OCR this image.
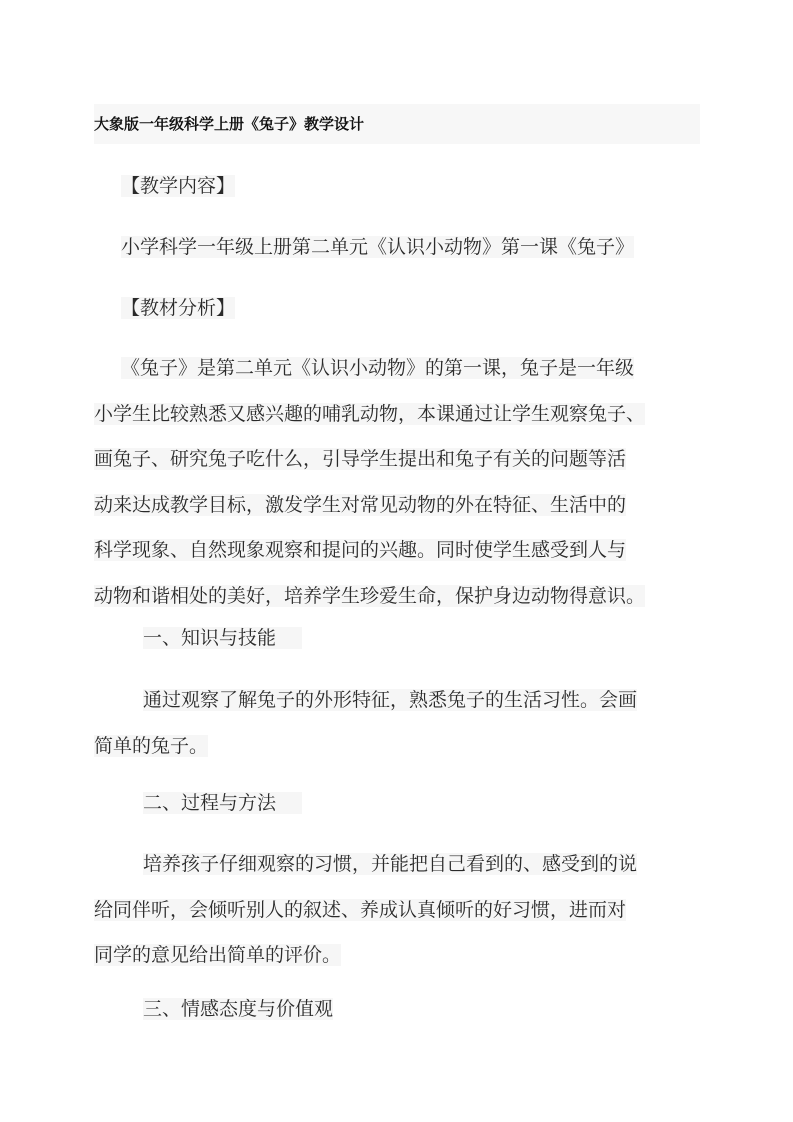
大象版一年级科学上册《兔子》教学设计
【教学内容】
小学科学一年级上册第二单元《认识小动物》第一课《兔子》
【教材分析】
《兔子》是第二单元《认识小动物》的第一课，兔子是一年级
小学生比较熟悉又感兴趣的哺乳动物，本课通过让学生观察兔子、
画兔子、研究兔子吃什么，引导学生提出和兔子有关的问题等活
动来达成教学目标，激发学生对常见动物的外在特征、生活中的
科学现象、自然现象观察和提问的兴趣。同时使学生感受到人与
动物和谐相处的美好，培养学生珍爱生命，保护身边动物得意识。
一、知识与技能
通过观察了解兔子的外形特征，熟悉兔子的生活习性。会画
简单的兔子。
二、过程与方法
培养孩子仔细观察的习惯，并能把自己看到的、感受到的说
给同伴听，会倾听别人的叙述、养成认真倾听的好习惯，进而对
同学的意见给出简单的评价。
三、情感态度与价值观
